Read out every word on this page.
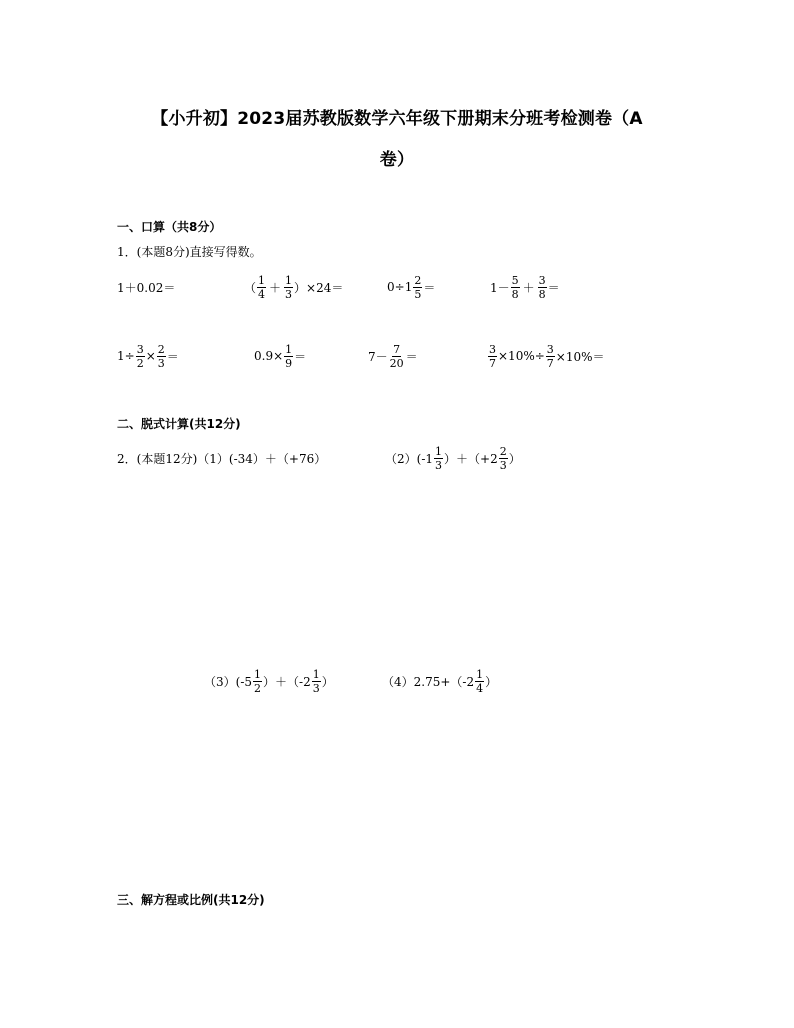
【小升初】2023届苏教版数学六年级下册期末分班考检测卷（A
卷）
一、口算（共8分）
1．(本题8分)直接写得数。
1＋0.02＝	（ $\frac{1}{4} + \frac{1}{3} )\times 24=$	$0\div 1 \frac{2}{5}$ ＝	$1- \frac{5}{8} + \frac{3}{8}$ ＝
$1\div \frac{3}{2} \times \frac{2}{3}$ ＝	$0.9\times \frac{1}{9}$ ＝	$7- \frac{7}{20}$ ＝	$\frac{3}{7} \times 10\%\div \frac{3}{7} \times 10\%=$
二、脱式计算(共12分)
2．(本题12分)（1）(-34）＋（+76）	$(2)(-1 \frac{1}{3} )+(+2 \frac{2}{3}$ ）
$(3)(-5 \frac{1}{2} )+(-2 \frac{1}{3}$ ）	$(4)2.75+(-2 \frac{1}{4}$ ）
三、解方程或比例(共12分)
